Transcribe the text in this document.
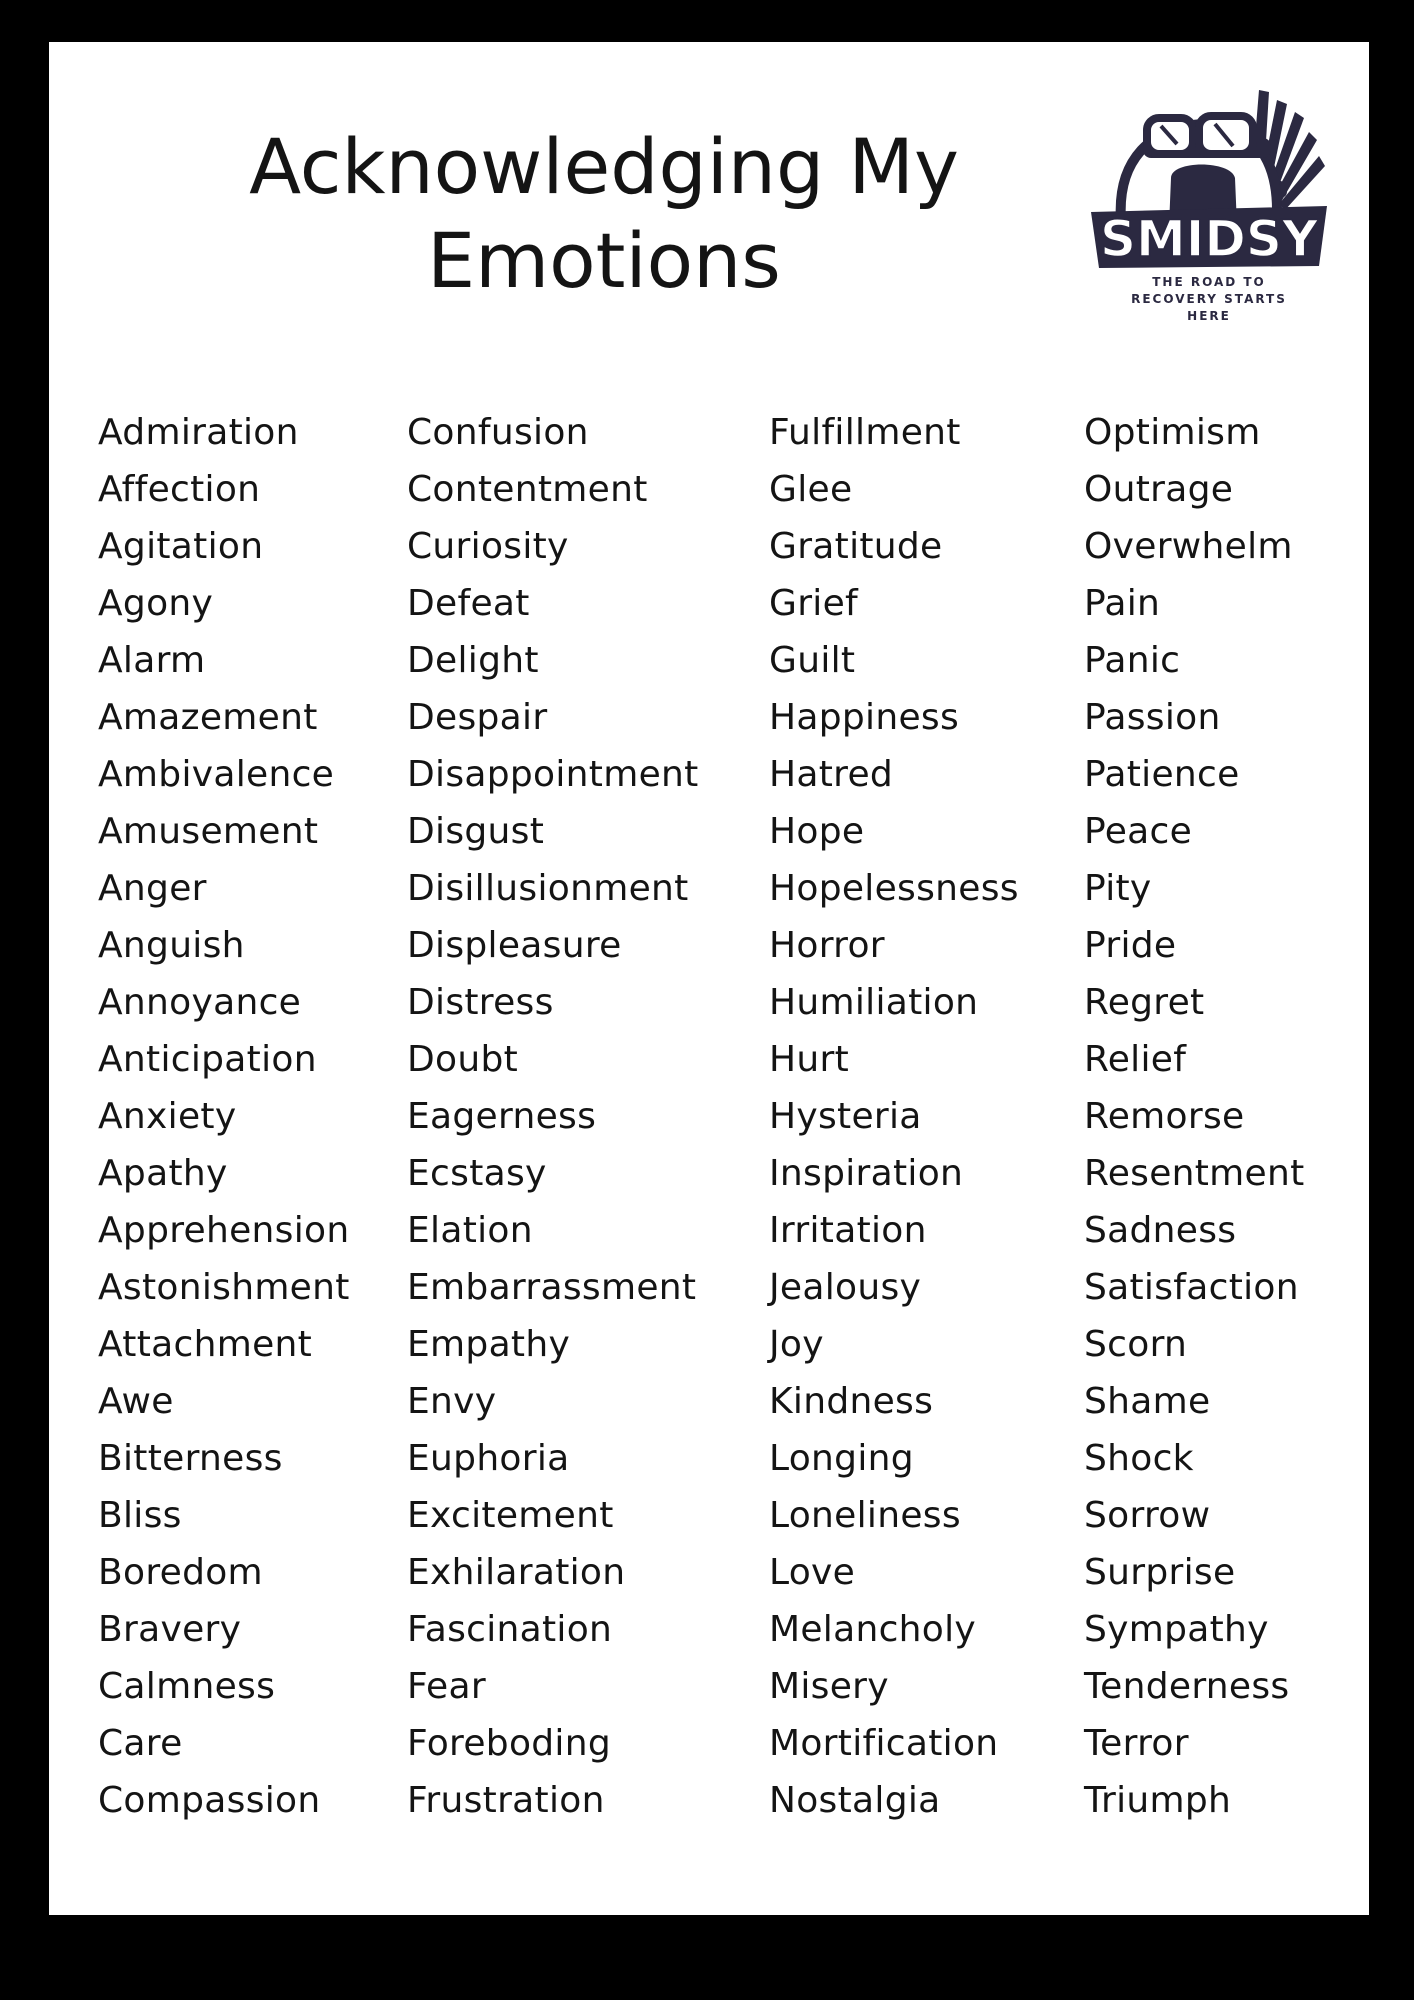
Acknowledging My
Emotions	SMIDSY
THE ROAD TO
RECOVERY STARTS
HERE
Admiration
Affection
Agitation
Agony
Alarm
Amazement
Ambivalence
Amusement
Anger
Anguish
Annoyance
Anticipation
Anxiety
Apathy
Apprehension
Astonishment
Attachment
Awe
Bitterness
Bliss
Boredom
Bravery
Calmness
Care
Compassion
Confusion
Contentment
Curiosity
Defeat
Delight
Despair
Disappointment
Disgust
Disillusionment
Displeasure
Distress
Doubt
Eagerness
Ecstasy
Elation
Embarrassment
Empathy
Envy
Euphoria
Excitement
Exhilaration
Fascination
Fear
Foreboding
Frustration
Fulfillment
Glee
Gratitude
Grief
Guilt
Happiness
Hatred
Hope
Hopelessness
Horror
Humiliation
Hurt
Hysteria
Inspiration
Irritation
Jealousy
Joy
Kindness
Longing
Loneliness
Love
Melancholy
Misery
Mortification
Nostalgia
Optimism
Outrage
Overwhelm
Pain
Panic
Passion
Patience
Peace
Pity
Pride
Regret
Relief
Remorse
Resentment
Sadness
Satisfaction
Scorn
Shame
Shock
Sorrow
Surprise
Sympathy
Tenderness
Terror
Triumph
